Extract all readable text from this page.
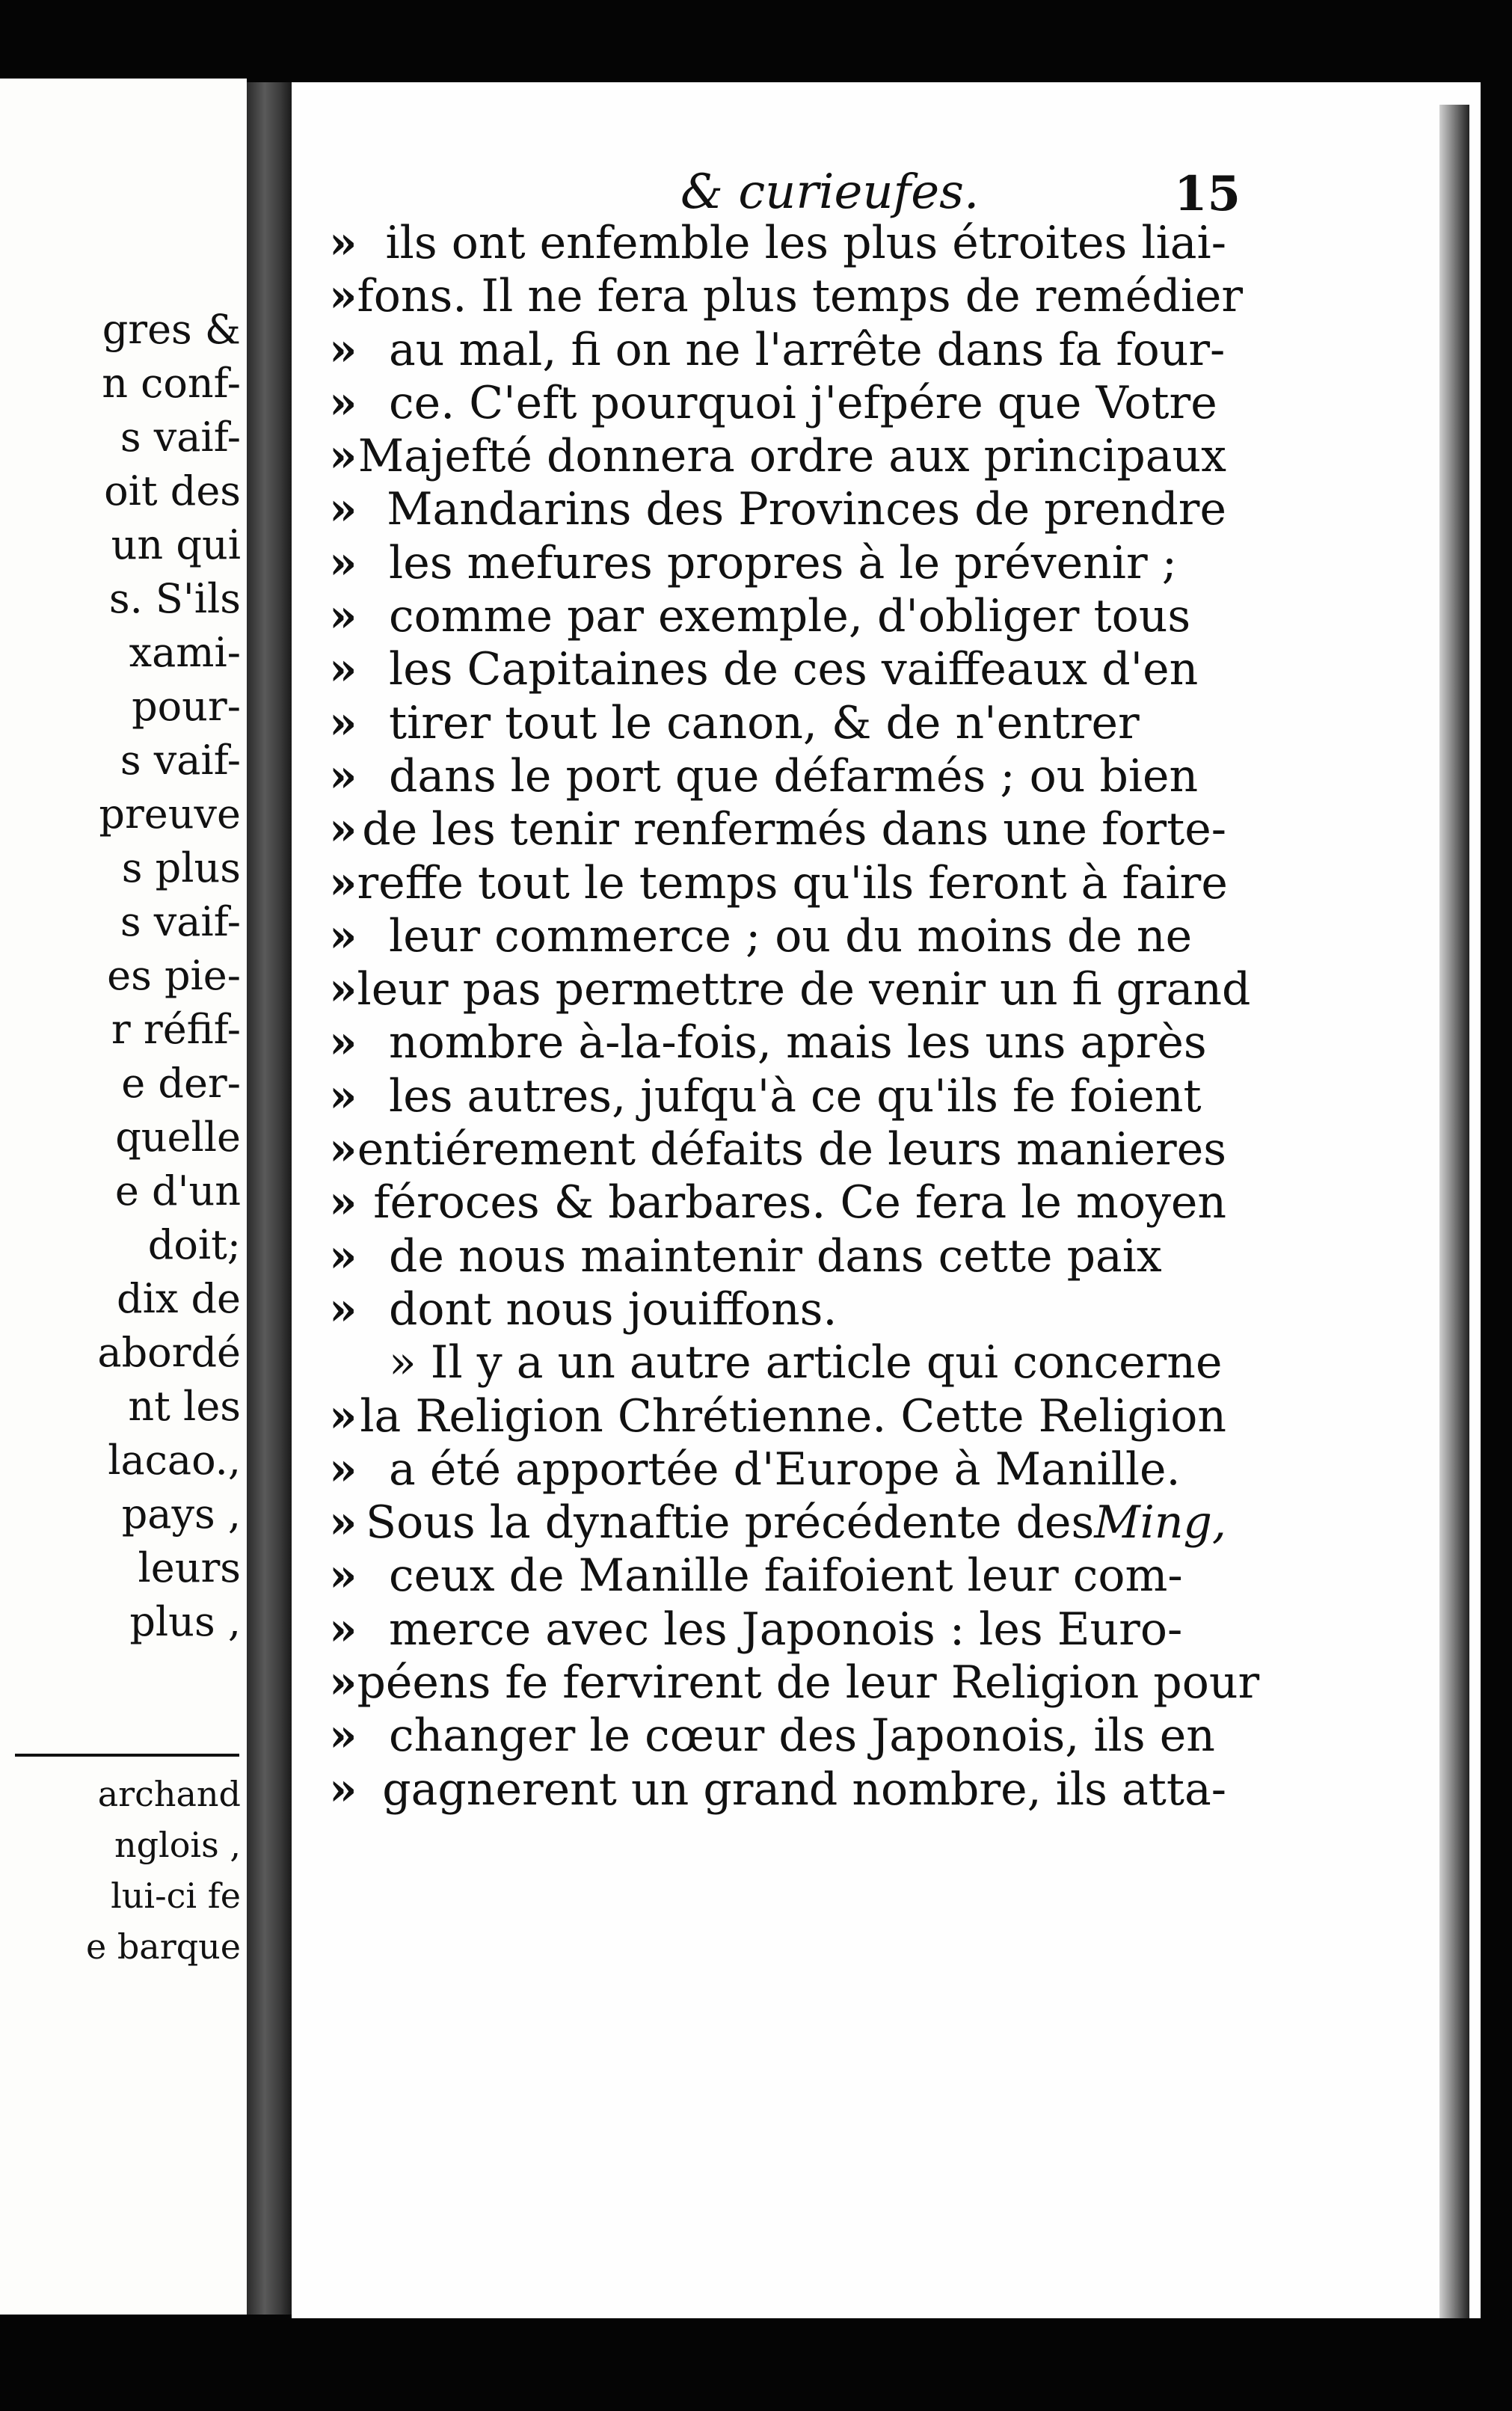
gres &
n conf-
s vaif-
oit des
un qui
s. S'ils
xami-
pour-
s vaif-
preuve
s plus
s vaif-
es pie-
r réfif-
e der-
quelle
e d'un
doit;
dix de
abordé
nt les
lacao.,
pays ,
leurs
plus ,
archand
nglois ,
lui-ci fe
e barque
& curieufes.	15
» ils ont enfemble les plus étroites liai-
» fons. Il ne fera plus temps de remédier
» au mal, fi on ne l'arrête dans fa four-
» ce. C'eft pourquoi j'efpére que Votre
» Majefté donnera ordre aux principaux
» Mandarins des Provinces de prendre
» les mefures propres à le prévenir ;
» comme par exemple, d'obliger tous
» les Capitaines de ces vaiffeaux d'en
» tirer tout le canon, & de n'entrer
» dans le port que défarmés ; ou bien
» de les tenir renfermés dans une forte-
» reffe tout le temps qu'ils feront à faire
» leur commerce ; ou du moins de ne
» leur pas permettre de venir un fi grand
» nombre à-la-fois, mais les uns après
» les autres, jufqu'à ce qu'ils fe foient
» entiérement défaits de leurs manieres
» féroces & barbares. Ce fera le moyen
» de nous maintenir dans cette paix
» dont nous jouiffons.
» Il y a un autre article qui concerne
» la Religion Chrétienne. Cette Religion
» a été apportée d'Europe à Manille.
» Sous la dynaftie précédente des Ming,
» ceux de Manille faifoient leur com-
» merce avec les Japonois : les Euro-
» péens fe fervirent de leur Religion pour
» changer le cœur des Japonois, ils en
» gagnerent un grand nombre, ils atta-
